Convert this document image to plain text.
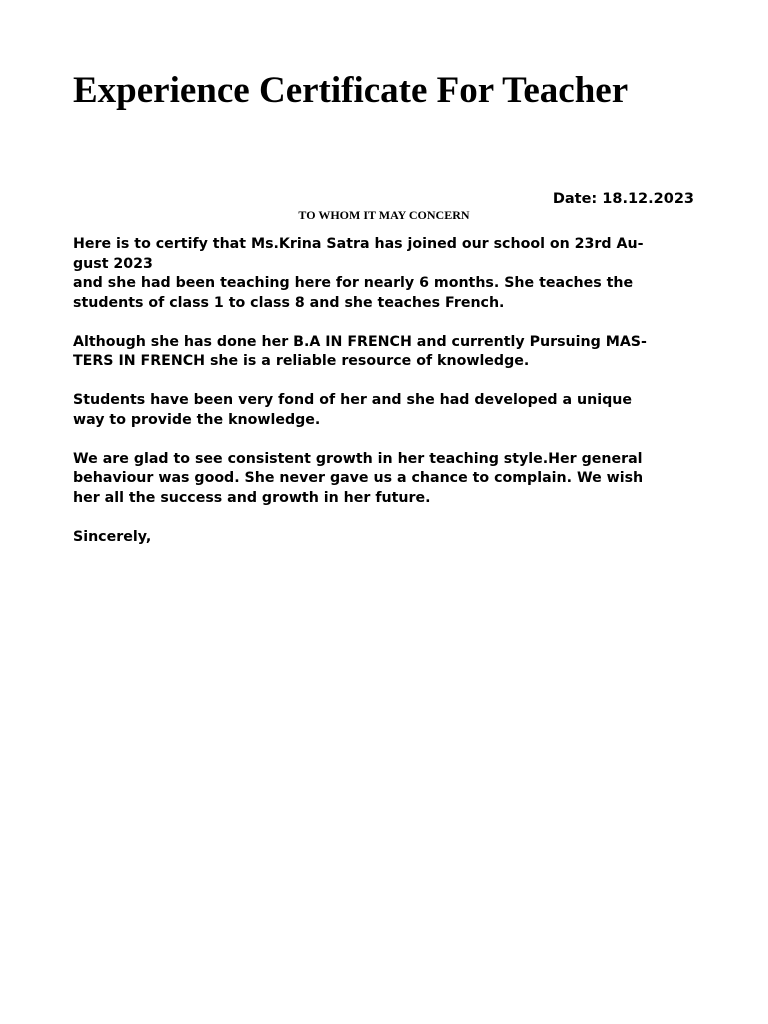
Experience Certificate For Teacher
Date: 18.12.2023
TO WHOM IT MAY CONCERN

Here is to certify that Ms.Krina Satra has joined our school on 23rd Au-
gust 2023
and she had been teaching here for nearly 6 months. She teaches the
students of class 1 to class 8 and she teaches French.

Although she has done her B.A IN FRENCH and currently Pursuing MAS-
TERS IN FRENCH she is a reliable resource of knowledge.

Students have been very fond of her and she had developed a unique
way to provide the knowledge.

We are glad to see consistent growth in her teaching style.Her general
behaviour was good. She never gave us a chance to complain. We wish
her all the success and growth in her future.

Sincerely,
